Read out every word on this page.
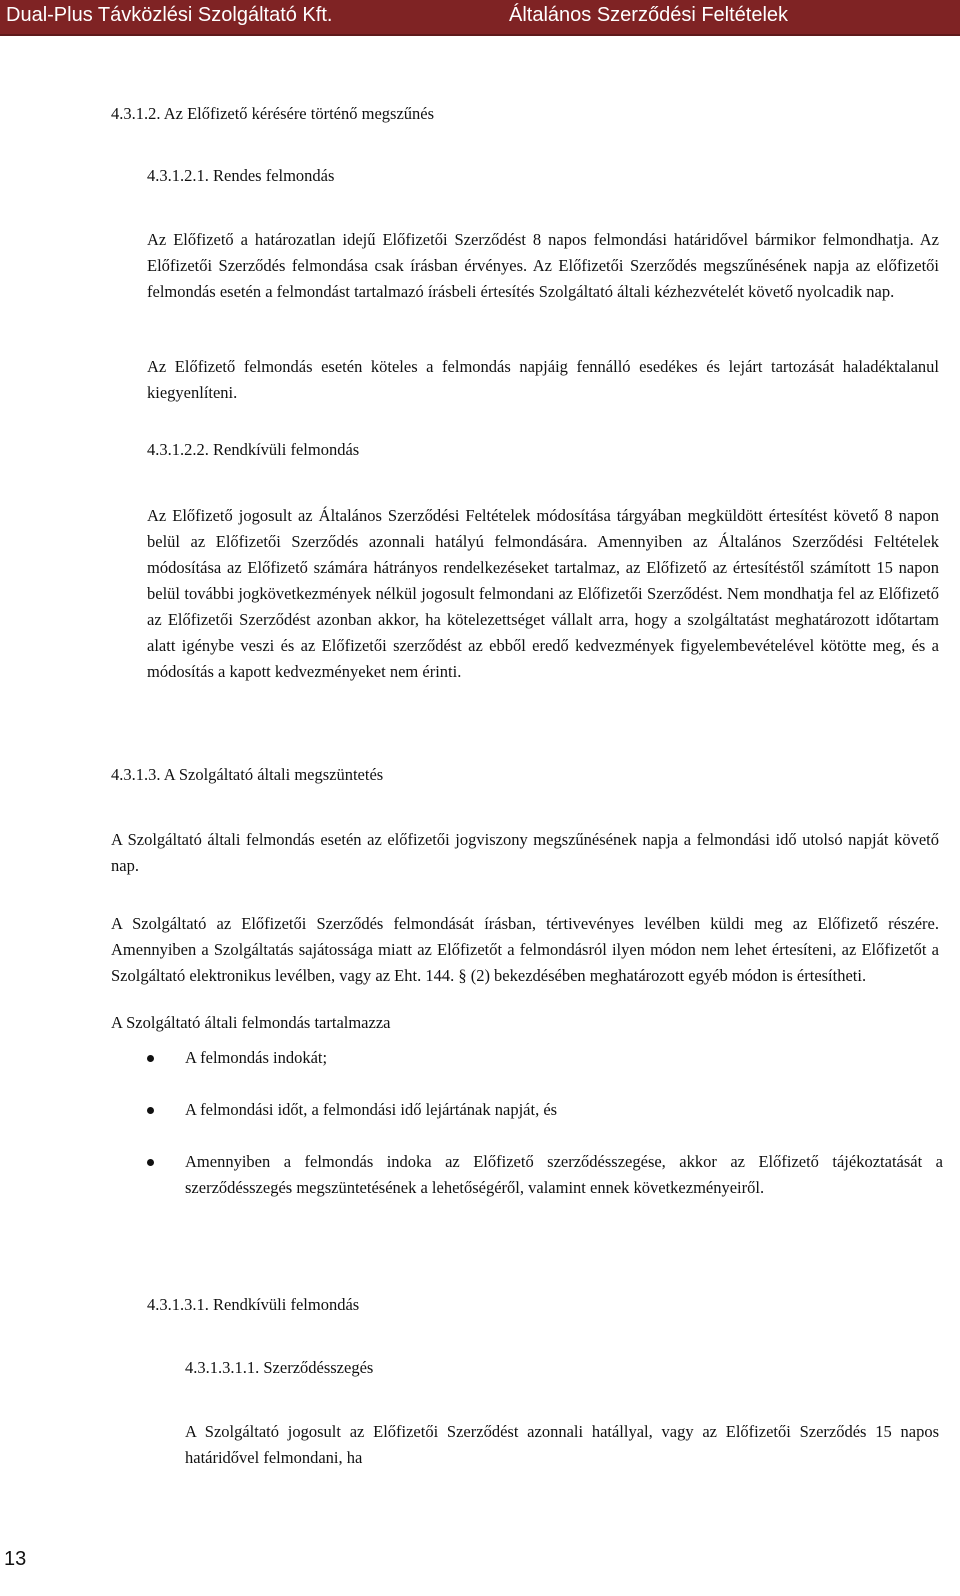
Dual-Plus Távközlési Szolgáltató Kft.	Általános Szerződési Feltételek

4.3.1.2. Az Előfizető kérésére történő megszűnés

4.3.1.2.1. Rendes felmondás

Az Előfizető a határozatlan idejű Előfizetői Szerződést 8 napos felmondási határidővel bármikor felmondhatja. Az Előfizetői Szerződés felmondása csak írásban érvényes. Az Előfizetői Szerződés megszűnésének napja az előfizetői felmondás esetén a felmondást tartalmazó írásbeli értesítés Szolgáltató általi kézhezvételét követő nyolcadik nap.

Az Előfizető felmondás esetén köteles a felmondás napjáig fennálló esedékes és lejárt tartozását haladéktalanul kiegyenlíteni.

4.3.1.2.2. Rendkívüli felmondás

Az Előfizető jogosult az Általános Szerződési Feltételek módosítása tárgyában megküldött értesítést követő 8 napon belül az Előfizetői Szerződés azonnali hatályú felmondására. Amennyiben az Általános Szerződési Feltételek módosítása az Előfizető számára hátrányos rendelkezéseket tartalmaz, az Előfizető az értesítéstől számított 15 napon belül további jogkövetkezmények nélkül jogosult felmondani az Előfizetői Szerződést. Nem mondhatja fel az Előfizető az Előfizetői Szerződést azonban akkor, ha kötelezettséget vállalt arra, hogy a szolgáltatást meghatározott időtartam alatt igénybe veszi és az Előfizetői szerződést az ebből eredő kedvezmények figyelembevételével kötötte meg, és a módosítás a kapott kedvezményeket nem érinti.

4.3.1.3. A Szolgáltató általi megszüntetés

A Szolgáltató általi felmondás esetén az előfizetői jogviszony megszűnésének napja a felmondási idő utolsó napját követő nap.

A Szolgáltató az Előfizetői Szerződés felmondását írásban, tértivevényes levélben küldi meg az Előfizető részére. Amennyiben a Szolgáltatás sajátossága miatt az Előfizetőt a felmondásról ilyen módon nem lehet értesíteni, az Előfizetőt a Szolgáltató elektronikus levélben, vagy az Eht. 144. § (2) bekezdésében meghatározott egyéb módon is értesítheti.

A Szolgáltató általi felmondás tartalmazza

A felmondás indokát;
A felmondási időt, a felmondási idő lejártának napját, és
Amennyiben a felmondás indoka az Előfizető szerződésszegése, akkor az Előfizető tájékoztatását a szerződésszegés megszüntetésének a lehetőségéről, valamint ennek következményeiről.

4.3.1.3.1. Rendkívüli felmondás

4.3.1.3.1.1. Szerződésszegés

A Szolgáltató jogosult az Előfizetői Szerződést azonnali hatállyal, vagy az Előfizetői Szerződés 15 napos határidővel felmondani, ha

13
